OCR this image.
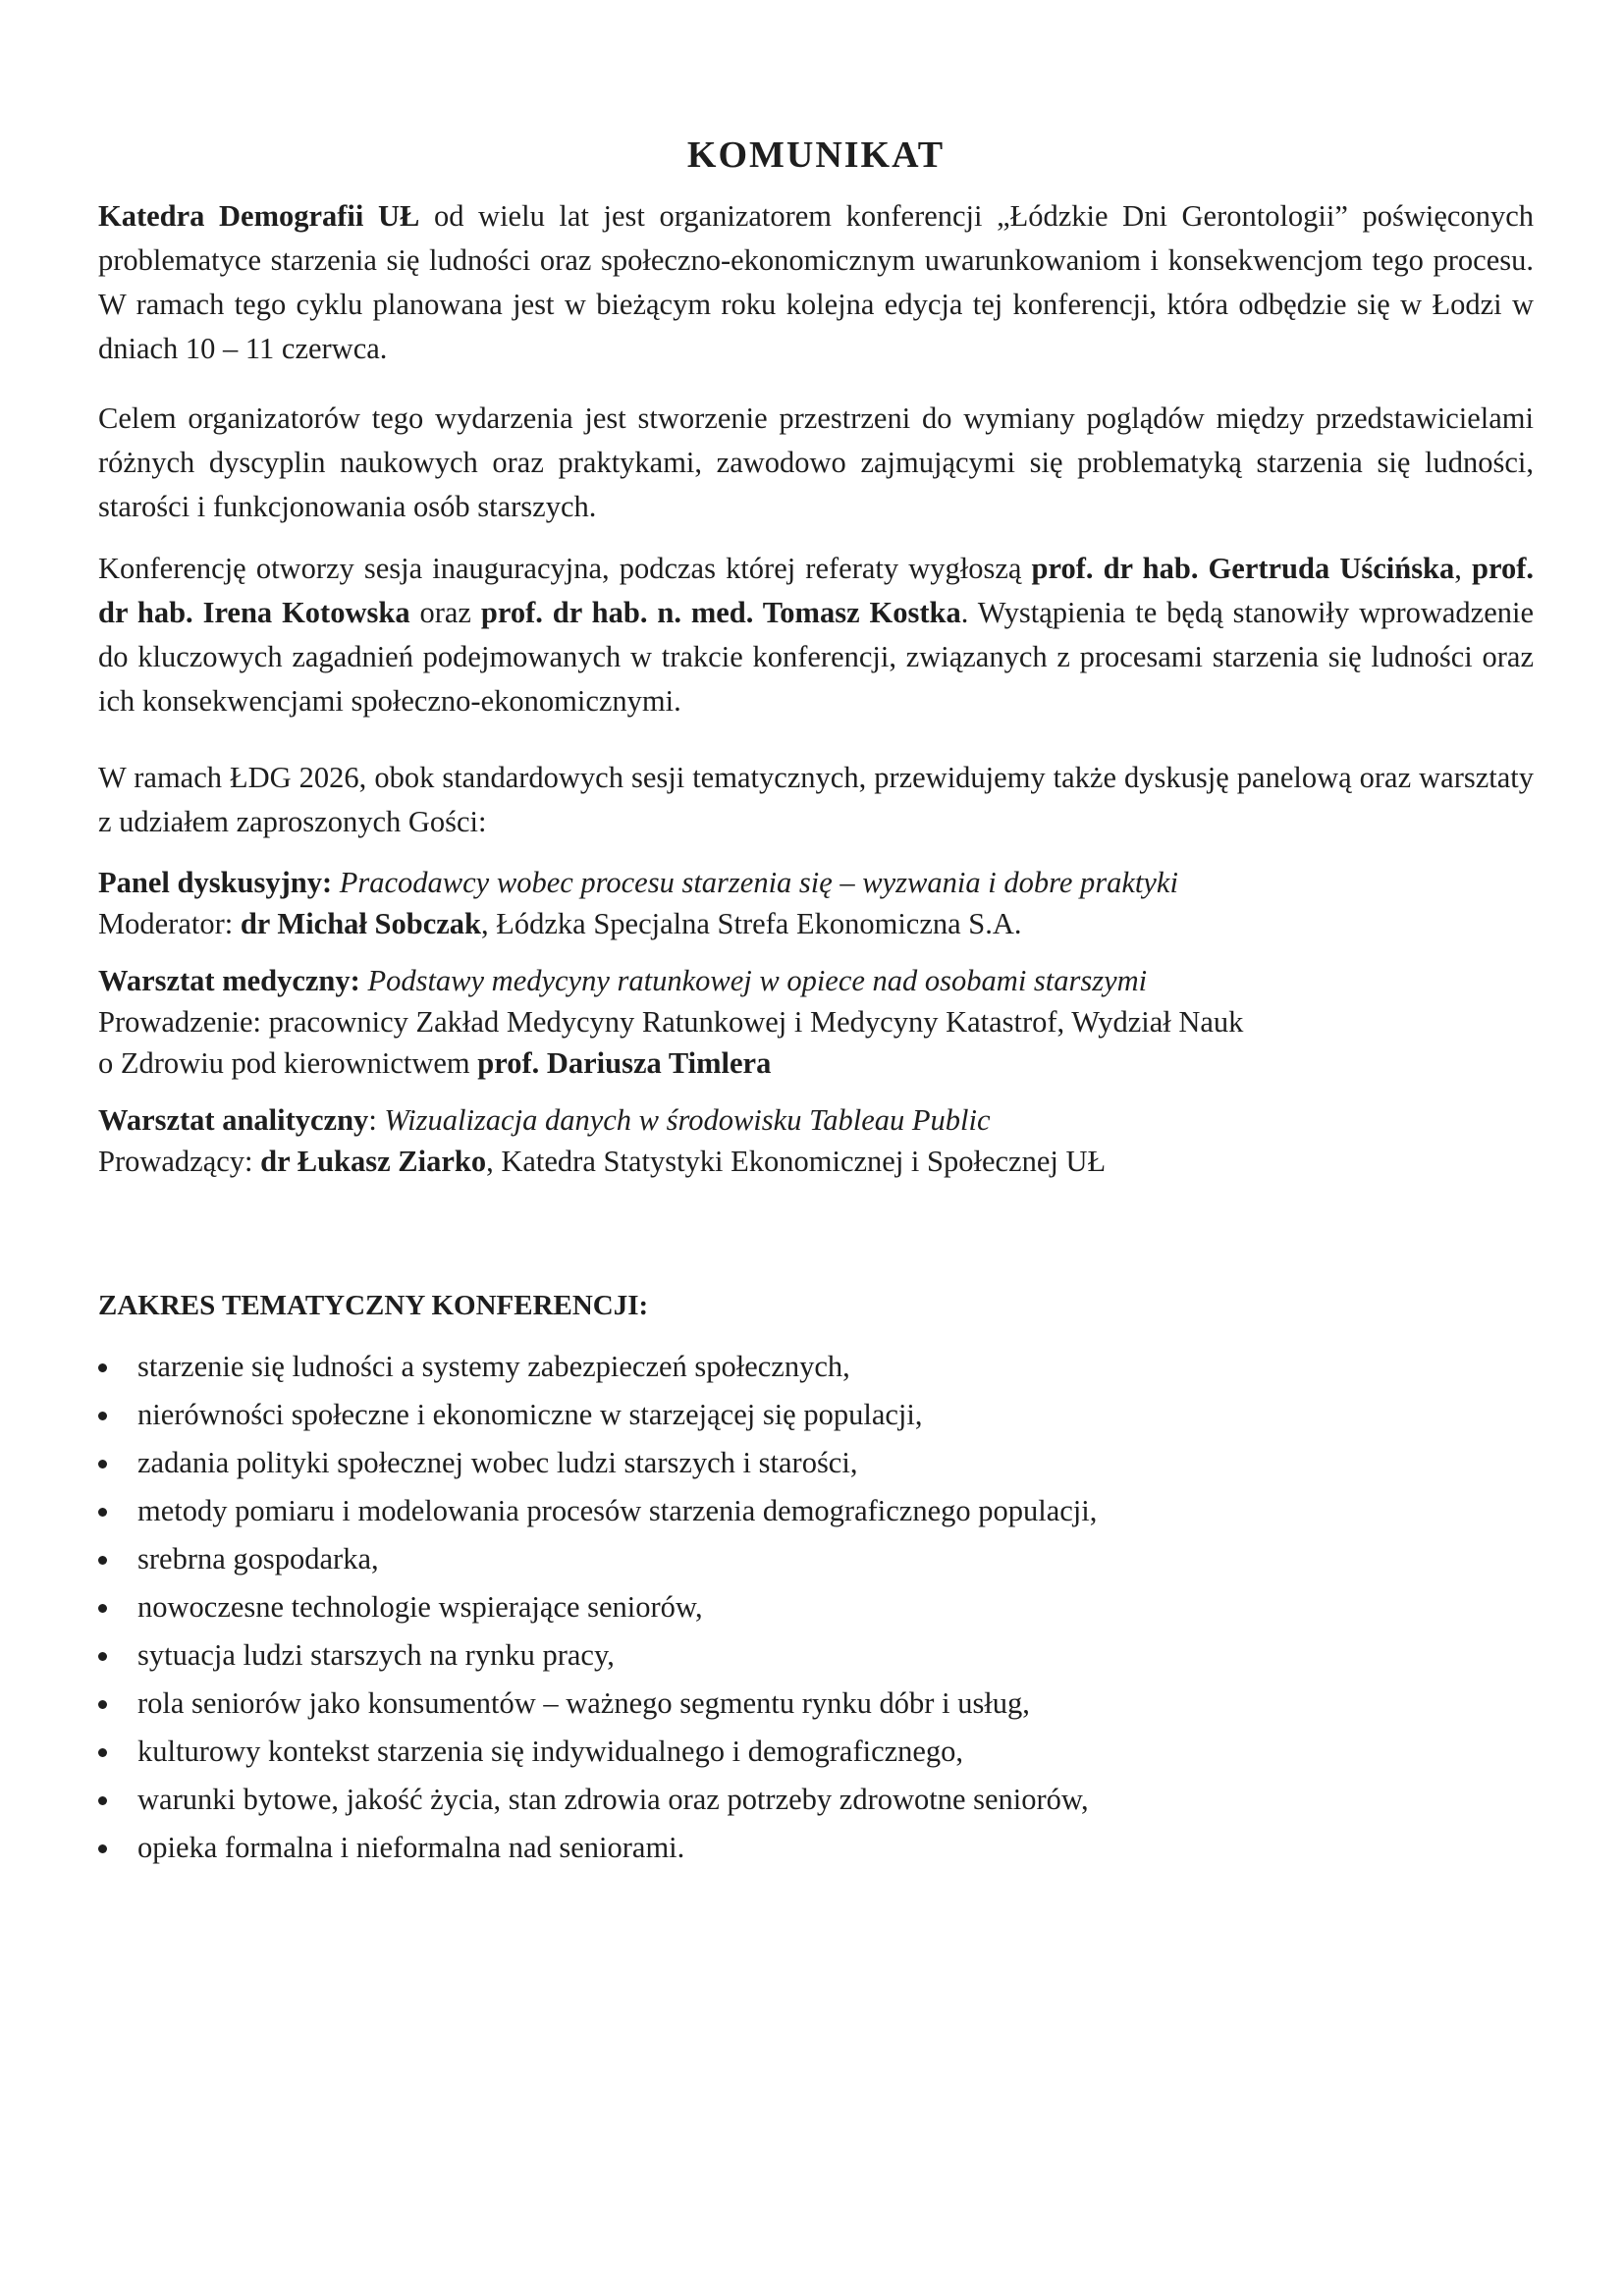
KOMUNIKAT

Katedra Demografii UŁ od wielu lat jest organizatorem konferencji „Łódzkie Dni Gerontologii” poświęconych problematyce starzenia się ludności oraz społeczno-ekonomicznym uwarunkowaniom i konsekwencjom tego procesu. W ramach tego cyklu planowana jest w bieżącym roku kolejna edycja tej konferencji, która odbędzie się w Łodzi w dniach 10 – 11 czerwca.

Celem organizatorów tego wydarzenia jest stworzenie przestrzeni do wymiany poglądów między przedstawicielami różnych dyscyplin naukowych oraz praktykami, zawodowo zajmującymi się problematyką starzenia się ludności, starości i funkcjonowania osób starszych.

Konferencję otworzy sesja inauguracyjna, podczas której referaty wygłoszą prof. dr hab. Gertruda Uścińska, prof. dr hab. Irena Kotowska oraz prof. dr hab. n. med. Tomasz Kostka. Wystąpienia te będą stanowiły wprowadzenie do kluczowych zagadnień podejmowanych w trakcie konferencji, związanych z procesami starzenia się ludności oraz ich konsekwencjami społeczno-ekonomicznymi.

W ramach ŁDG 2026, obok standardowych sesji tematycznych, przewidujemy także dyskusję panelową oraz warsztaty z udziałem zaproszonych Gości:

Panel dyskusyjny: Pracodawcy wobec procesu starzenia się – wyzwania i dobre praktyki
Moderator: dr Michał Sobczak, Łódzka Specjalna Strefa Ekonomiczna S.A.
Warsztat medyczny: Podstawy medycyny ratunkowej w opiece nad osobami starszymi
Prowadzenie: pracownicy Zakład Medycyny Ratunkowej i Medycyny Katastrof, Wydział Nauk
o Zdrowiu pod kierownictwem prof. Dariusza Timlera
Warsztat analityczny: Wizualizacja danych w środowisku Tableau Public
Prowadzący: dr Łukasz Ziarko, Katedra Statystyki Ekonomicznej i Społecznej UŁ
ZAKRES TEMATYCZNY KONFERENCJI:
starzenie się ludności a systemy zabezpieczeń społecznych,
nierówności społeczne i ekonomiczne w starzejącej się populacji,
zadania polityki społecznej wobec ludzi starszych i starości,
metody pomiaru i modelowania procesów starzenia demograficznego populacji,
srebrna gospodarka,
nowoczesne technologie wspierające seniorów,
sytuacja ludzi starszych na rynku pracy,
rola seniorów jako konsumentów – ważnego segmentu rynku dóbr i usług,
kulturowy kontekst starzenia się indywidualnego i demograficznego,
warunki bytowe, jakość życia, stan zdrowia oraz potrzeby zdrowotne seniorów,
opieka formalna i nieformalna nad seniorami.
